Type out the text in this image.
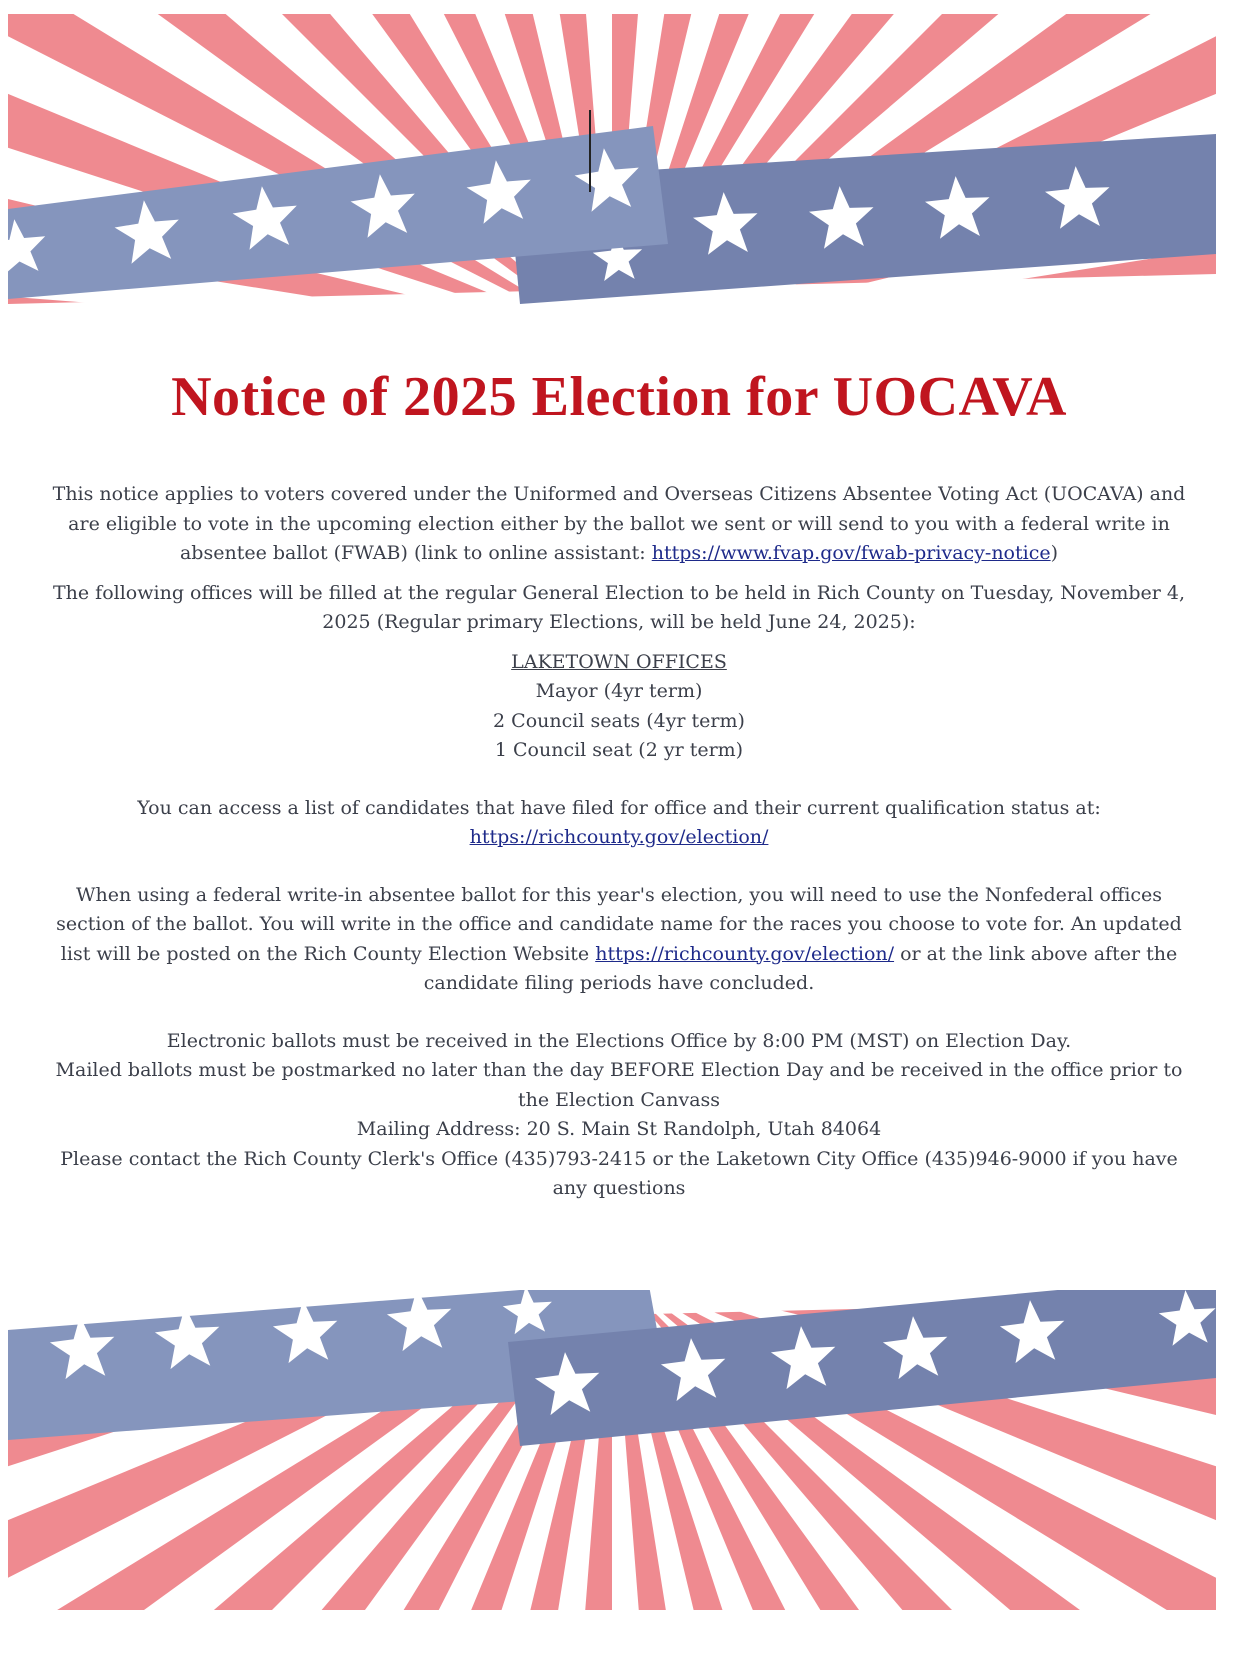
Notice of 2025 Election for UOCAVA

This notice applies to voters covered under the Uniformed and Overseas Citizens Absentee Voting Act (UOCAVA) and are eligible to vote in the upcoming election either by the ballot we sent or will send to you with a federal write in absentee ballot (FWAB) (link to online assistant: https://www.fvap.gov/fwab-privacy-notice)

The following offices will be filled at the regular General Election to be held in Rich County on Tuesday, November 4, 2025 (Regular primary Elections, will be held June 24, 2025):

LAKETOWN OFFICES
Mayor (4yr term)
2 Council seats (4yr term)
1 Council seat (2 yr term)

You can access a list of candidates that have filed for office and their current qualification status at:
https://richcounty.gov/election/

When using a federal write-in absentee ballot for this year's election, you will need to use the Nonfederal offices section of the ballot. You will write in the office and candidate name for the races you choose to vote for. An updated list will be posted on the Rich County Election Website https://richcounty.gov/election/ or at the link above after the candidate filing periods have concluded.

Electronic ballots must be received in the Elections Office by 8:00 PM (MST) on Election Day.
Mailed ballots must be postmarked no later than the day BEFORE Election Day and be received in the office prior to the Election Canvass
Mailing Address: 20 S. Main St Randolph, Utah 84064
Please contact the Rich County Clerk's Office (435)793-2415 or the Laketown City Office (435)946-9000 if you have any questions
